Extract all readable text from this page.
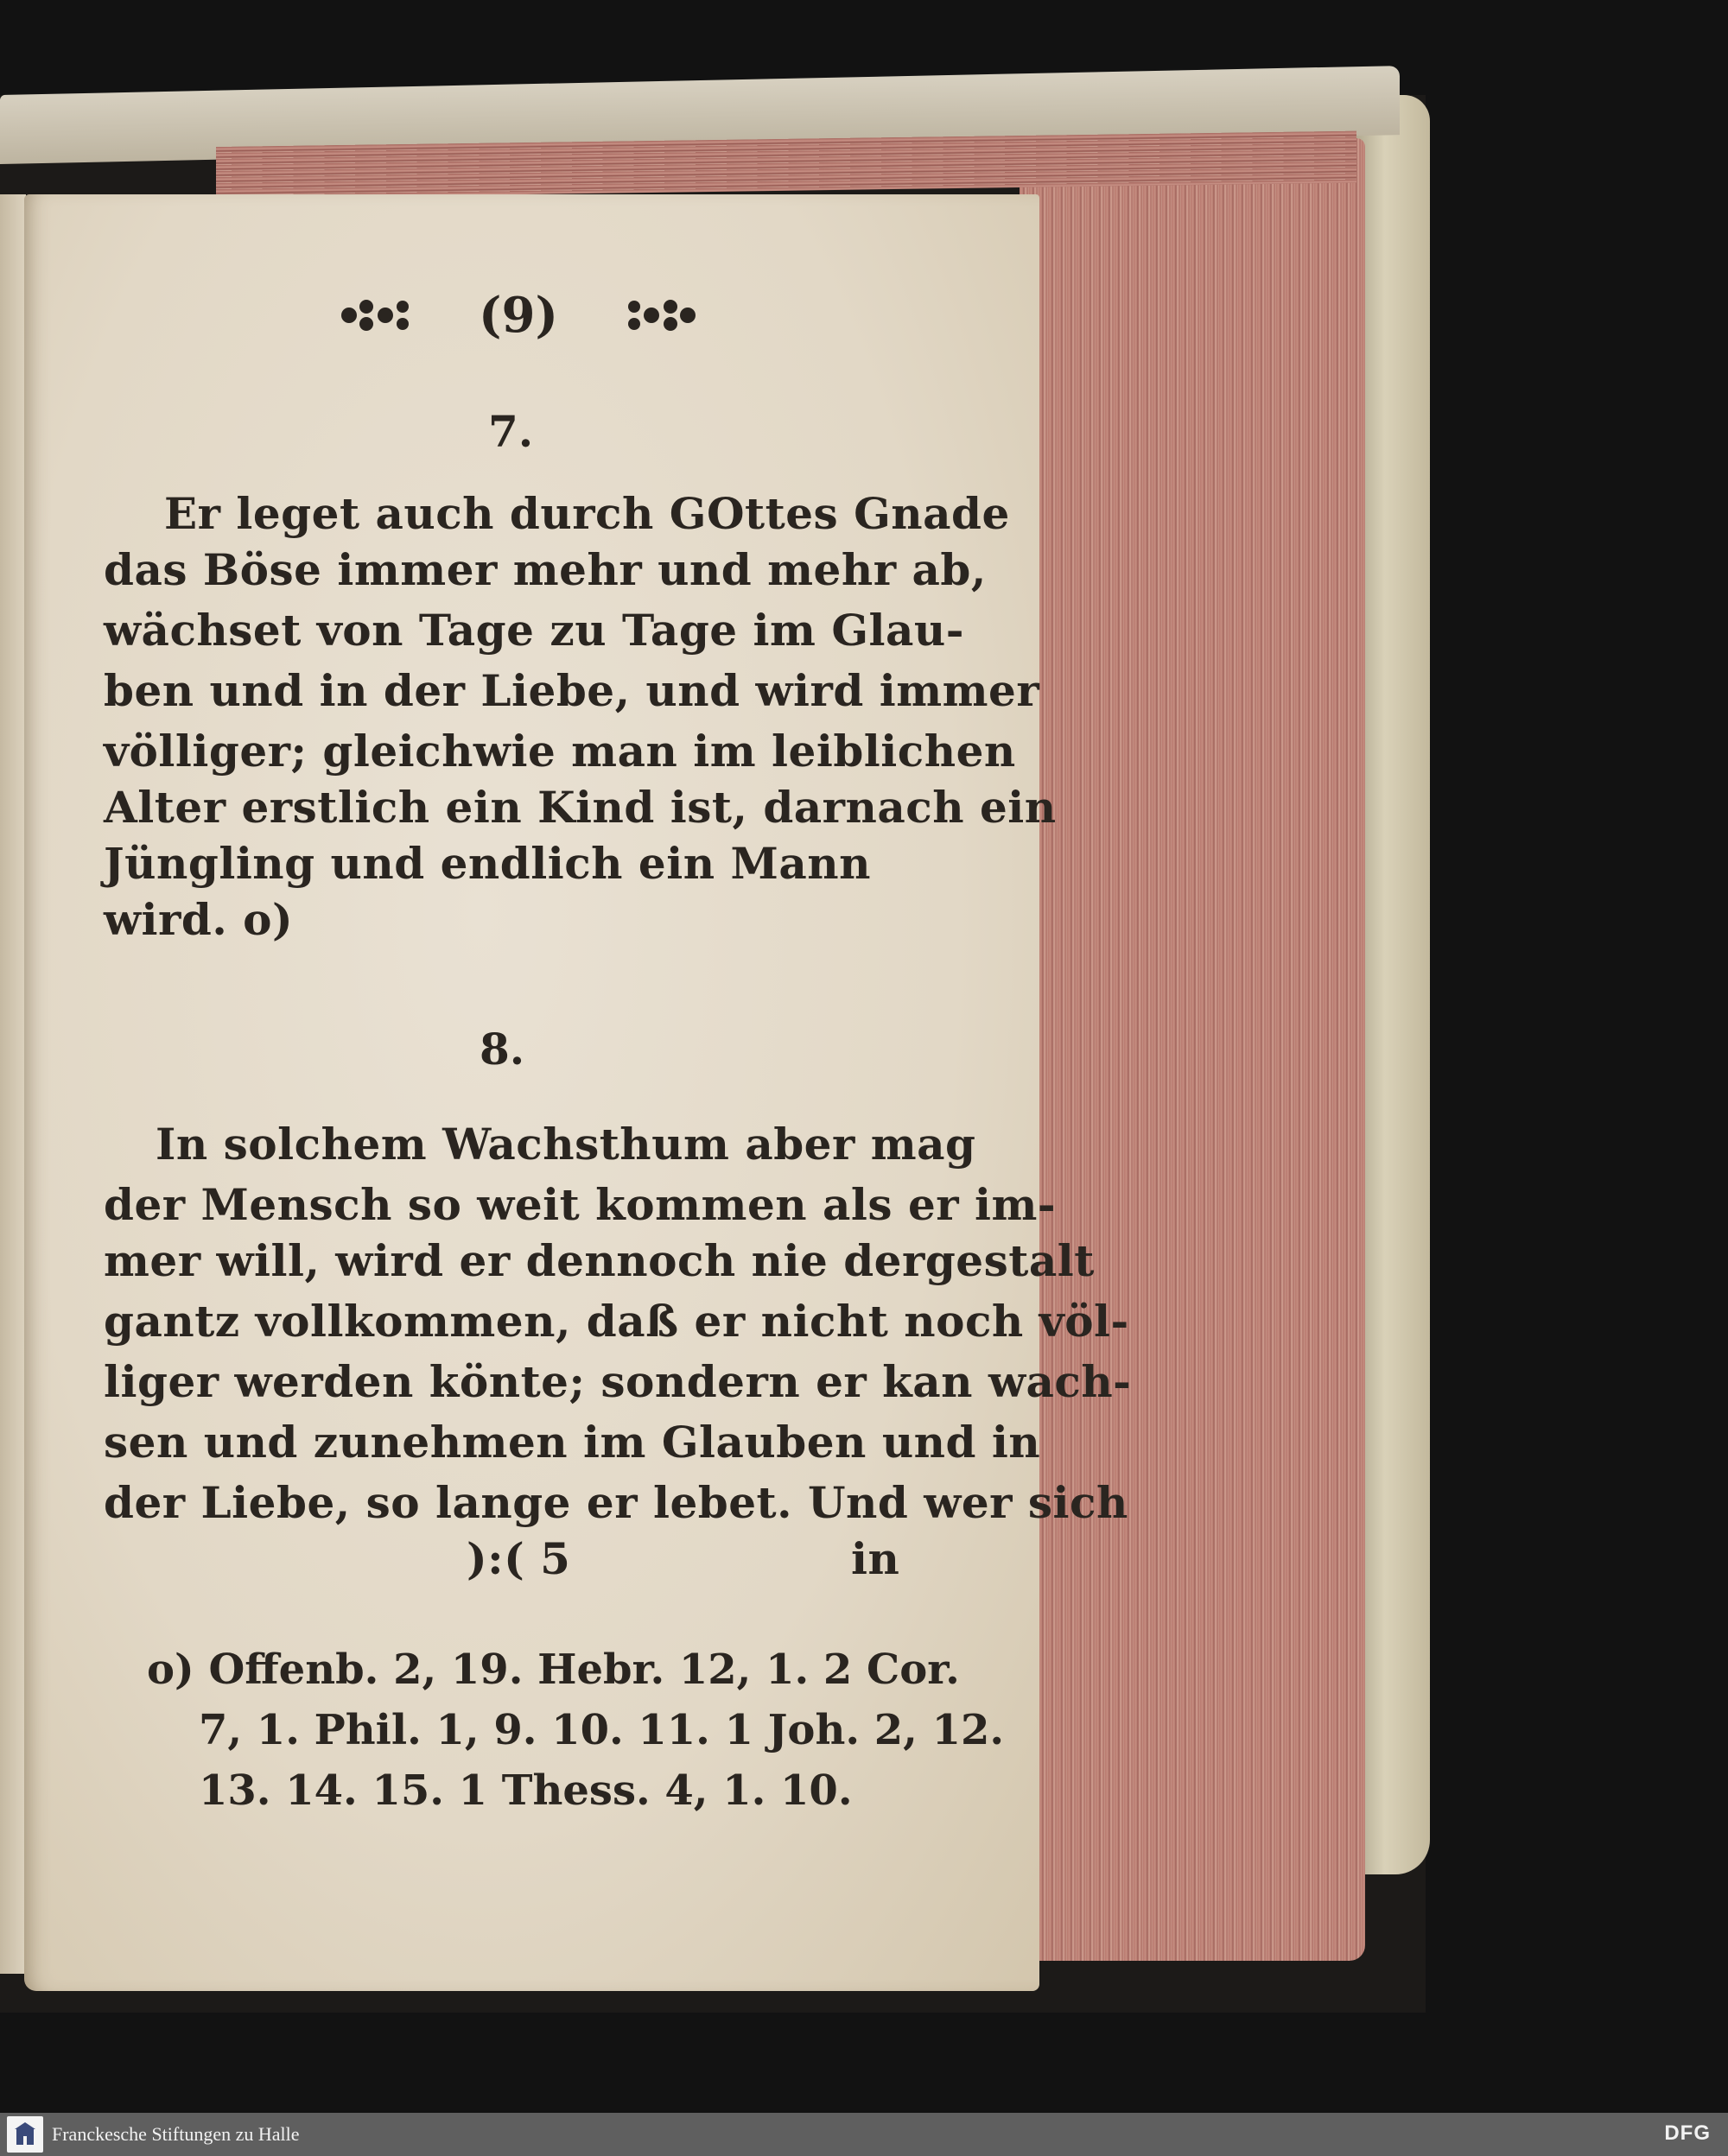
(9)
7.
Er leget auch durch GOttes Gnade
das Böse immer mehr und mehr ab,
wächset von Tage zu Tage im Glau-
ben und in der Liebe, und wird immer
völliger; gleichwie man im leiblichen
Alter erstlich ein Kind ist, darnach ein
Jüngling und endlich ein Mann
wird. o)
8.
In solchem Wachsthum aber mag
der Mensch so weit kommen als er im-
mer will, wird er dennoch nie dergestalt
gantz vollkommen, daß er nicht noch völ-
liger werden könte; sondern er kan wach-
sen und zunehmen im Glauben und in
der Liebe, so lange er lebet. Und wer sich
):( 5	in
o) Offenb. 2, 19. Hebr. 12, 1. 2 Cor.
7, 1. Phil. 1, 9. 10. 11. 1 Joh. 2, 12.
13. 14. 15. 1 Thess. 4, 1. 10.
Franckesche Stiftungen zu Halle	DFG
